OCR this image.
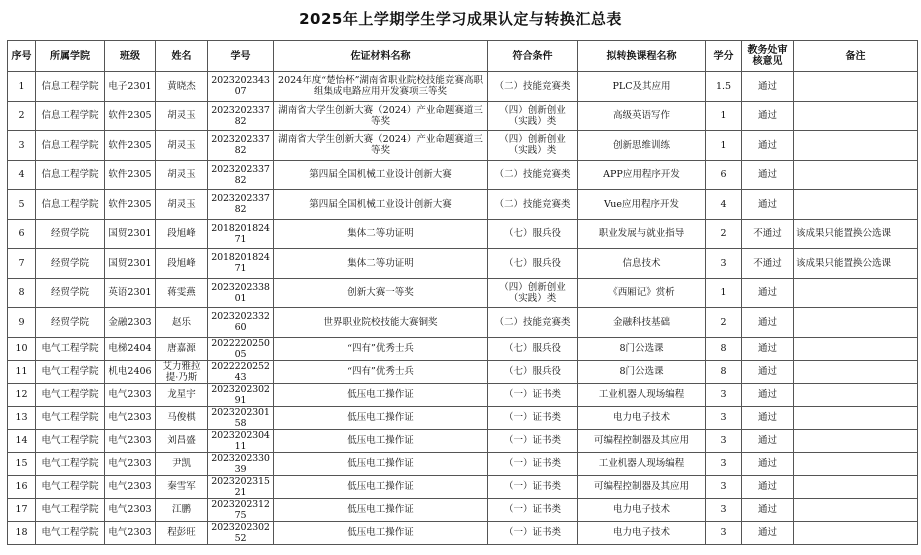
2025年上学期学生学习成果认定与转换汇总表
序号	所属学院	班级	姓名	学号	佐证材料名称	符合条件	拟转换课程名称	学分	教务处审核意见	备注
1	信息工程学院	电子2301	黄晓杰	202320234307	2024年度“楚怡杯”湖南省职业院校技能竞赛高职组集成电路应用开发赛项三等奖	（二）技能竞赛类	PLC及其应用	1.5	通过	
2	信息工程学院	软件2305	胡灵玉	202320233782	湖南省大学生创新大赛（2024）产业命题赛道三等奖	（四）创新创业（实践）类	高级英语写作	1	通过	
3	信息工程学院	软件2305	胡灵玉	202320233782	湖南省大学生创新大赛（2024）产业命题赛道三等奖	（四）创新创业（实践）类	创新思维训练	1	通过	
4	信息工程学院	软件2305	胡灵玉	202320233782	第四届全国机械工业设计创新大赛	（二）技能竞赛类	APP应用程序开发	6	通过	
5	信息工程学院	软件2305	胡灵玉	202320233782	第四届全国机械工业设计创新大赛	（二）技能竞赛类	Vue应用程序开发	4	通过	
6	经贸学院	国贸2301	段旭峰	201820182471	集体二等功证明	（七）服兵役	职业发展与就业指导	2	不通过	该成果只能置换公选课
7	经贸学院	国贸2301	段旭峰	201820182471	集体二等功证明	（七）服兵役	信息技术	3	不通过	该成果只能置换公选课
8	经贸学院	英语2301	蒋雯燕	202320233801	创新大赛一等奖	（四）创新创业（实践）类	《西厢记》赏析	1	通过	
9	经贸学院	金融2303	赵乐	202320233260	世界职业院校技能大赛铜奖	（二）技能竞赛类	金融科技基础	2	通过	
10	电气工程学院	电梯2404	唐嘉源	202222025005	“四有”优秀士兵	（七）服兵役	8门公选课	8	通过	
11	电气工程学院	机电2406	艾力雅拉提·乃斯	202222025243	“四有”优秀士兵	（七）服兵役	8门公选课	8	通过	
12	电气工程学院	电气2303	龙星宇	202320230291	低压电工操作证	（一）证书类	工业机器人现场编程	3	通过	
13	电气工程学院	电气2303	马俊棋	202320230158	低压电工操作证	（一）证书类	电力电子技术	3	通过	
14	电气工程学院	电气2303	刘昌盛	202320230411	低压电工操作证	（一）证书类	可编程控制器及其应用	3	通过	
15	电气工程学院	电气2303	尹凯	202320233039	低压电工操作证	（一）证书类	工业机器人现场编程	3	通过	
16	电气工程学院	电气2303	秦雪军	202320231521	低压电工操作证	（一）证书类	可编程控制器及其应用	3	通过	
17	电气工程学院	电气2303	江鹏	202320231275	低压电工操作证	（一）证书类	电力电子技术	3	通过	
18	电气工程学院	电气2303	程彭旺	202320230252	低压电工操作证	（一）证书类	电力电子技术	3	通过	
